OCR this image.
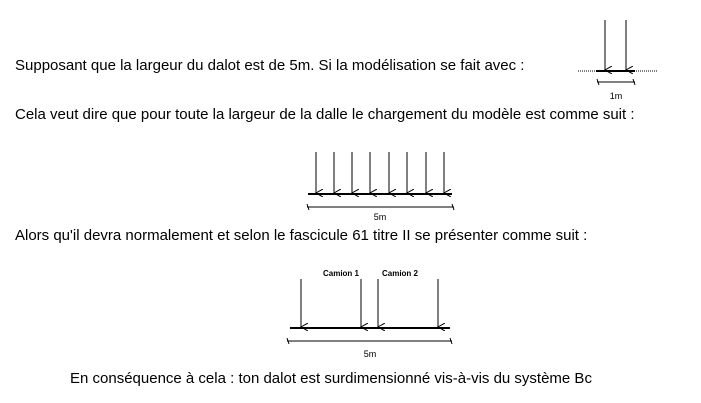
Supposant que la largeur du dalot est de 5m. Si la modélisation se fait avec :
Cela veut dire que pour toute la largeur de la dalle le chargement du modèle est comme suit :
Alors qu'il devra normalement et selon le fascicule 61 titre II se présenter comme suit :
En conséquence à cela : ton dalot est surdimensionné vis-à-vis du système Bc
1m
5m
Camion 1	Camion 2
5m
